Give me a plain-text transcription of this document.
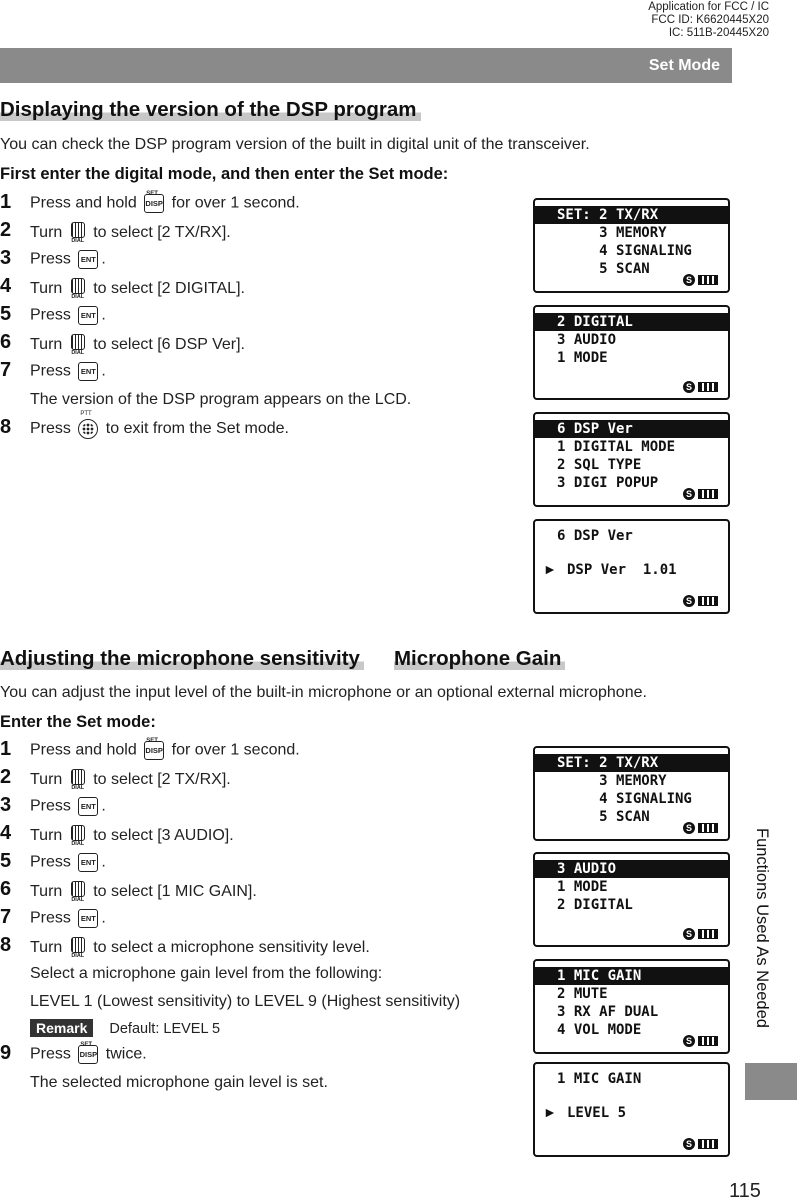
Application for FCC / IC
FCC ID: K6620445X20
IC: 511B-20445X20
Set Mode
Functions Used As Needed
115
Displaying the version of the DSP program
You can check the DSP program version of the built in digital unit of the transceiver.
First enter the digital mode, and then enter the Set mode:
1 Press and hold
SET
DISP for over 1 second.
2 Turn DIAL to select [2 TX/RX].
3 Press ENT .
4 Turn DIAL to select [2 DIGITAL].
5 Press ENT .
6 Turn DIAL to select [6 DSP Ver].
7 Press ENT .
8 Press
PTT
to exit from the Set mode.
The version of the DSP program appears on the LCD.
Adjusting the microphone sensitivity Microphone Gain
You can adjust the input level of the built-in microphone or an optional external microphone.
Enter the Set mode:
1 Press and hold
SET
DISP for over 1 second.
2 Turn DIAL to select [2 TX/RX].
3 Press ENT .
4 Turn DIAL to select [3 AUDIO].
5 Press ENT .
6 Turn DIAL to select [1 MIC GAIN].
7 Press ENT .
8 Turn DIAL to select a microphone sensitivity level.
9 Press
SET
DISP twice.
Select a microphone gain level from the following:
LEVEL 1 (Lowest sensitivity) to LEVEL 9 (Highest sensitivity)
Remark Default: LEVEL 5
The selected microphone gain level is set.
SET: 2 TX/RX
3 MEMORY
4 SIGNALING
5 SCAN
S
2 DIGITAL
3 AUDIO
1 MODE
S
6 DSP Ver
1 DIGITAL MODE
2 SQL TYPE
3 DIGI POPUP
S
6 DSP Ver
DSP Ver  1.01
►
S
SET: 2 TX/RX
3 MEMORY
4 SIGNALING
5 SCAN
S
3 AUDIO
1 MODE
2 DIGITAL
S
1 MIC GAIN
2 MUTE
3 RX AF DUAL
4 VOL MODE
S
1 MIC GAIN
LEVEL 5
►
S
